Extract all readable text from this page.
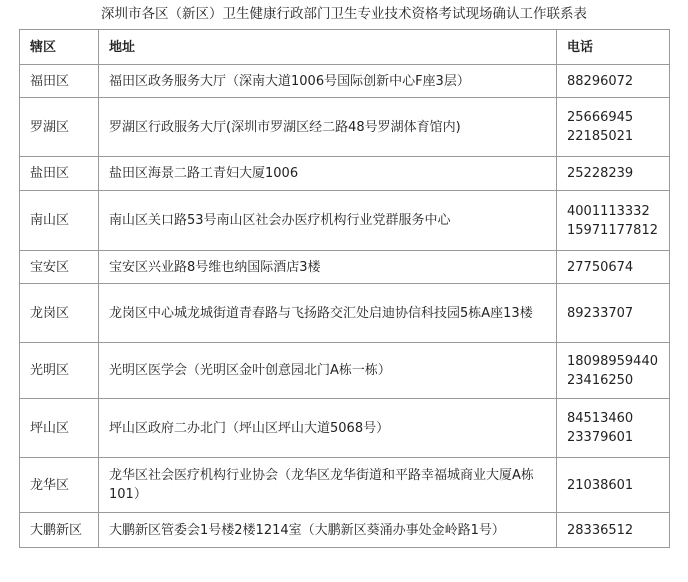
深圳市各区（新区）卫生健康行政部门卫生专业技术资格考试现场确认工作联系表
辖区	地址	电话
福田区	福田区政务服务大厅（深南大道1006号国际创新中心F座3层）	88296072

罗湖区	罗湖区行政服务大厅(深圳市罗湖区经二路48号罗湖体育馆内)	25666945
22185021

盐田区	盐田区海景二路工青妇大厦1006	25228239

南山区	南山区关口路53号南山区社会办医疗机构行业党群服务中心	4001113332
15971177812

宝安区	宝安区兴业路8号维也纳国际酒店3楼	27750674

龙岗区	龙岗区中心城龙城街道青春路与飞扬路交汇处启迪协信科技园5栋A座13楼	89233707

光明区	光明区医学会（光明区金叶创意园北门A栋一栋）	18098959440
23416250

坪山区	坪山区政府二办北门（坪山区坪山大道5068号）	84513460
23379601

龙华区	龙华区社会医疗机构行业协会（龙华区龙华街道和平路幸福城商业大厦A栋101）	21038601

大鹏新区	大鹏新区管委会1号楼2楼1214室（大鹏新区葵涌办事处金岭路1号）	28336512
